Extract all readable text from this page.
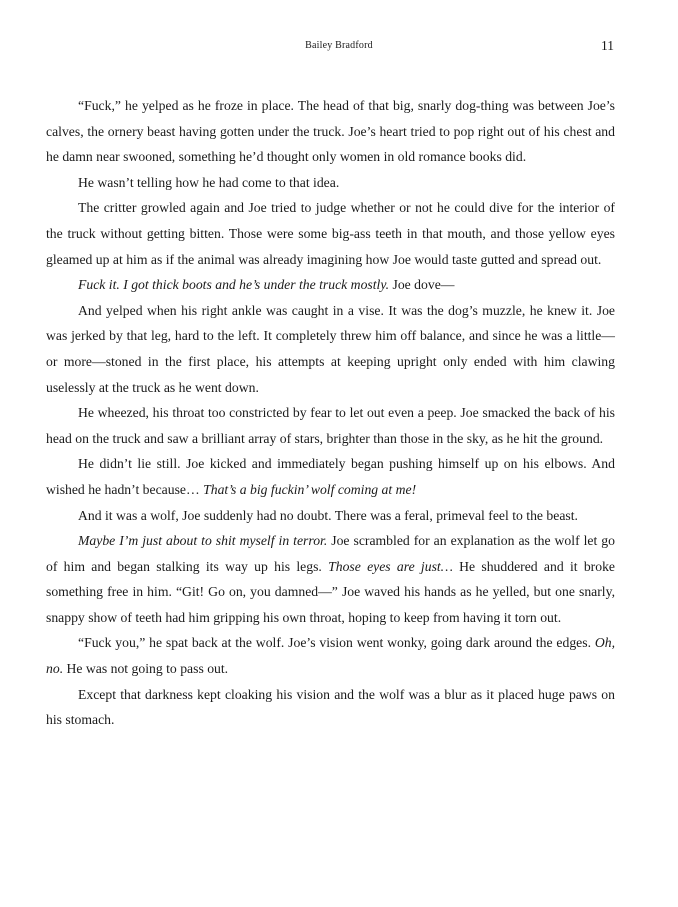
Bailey Bradford	11

“Fuck,” he yelped as he froze in place. The head of that big, snarly dog-thing was between Joe’s calves, the ornery beast having gotten under the truck. Joe’s heart tried to pop right out of his chest and he damn near swooned, something he’d thought only women in old romance books did.

He wasn’t telling how he had come to that idea.

The critter growled again and Joe tried to judge whether or not he could dive for the interior of the truck without getting bitten. Those were some big-ass teeth in that mouth, and those yellow eyes gleamed up at him as if the animal was already imagining how Joe would taste gutted and spread out.

Fuck it. I got thick boots and he’s under the truck mostly. Joe dove—

And yelped when his right ankle was caught in a vise. It was the dog’s muzzle, he knew it. Joe was jerked by that leg, hard to the left. It completely threw him off balance, and since he was a little—or more—stoned in the first place, his attempts at keeping upright only ended with him clawing uselessly at the truck as he went down.

He wheezed, his throat too constricted by fear to let out even a peep. Joe smacked the back of his head on the truck and saw a brilliant array of stars, brighter than those in the sky, as he hit the ground.

He didn’t lie still. Joe kicked and immediately began pushing himself up on his elbows. And wished he hadn’t because… That’s a big fuckin’ wolf coming at me!

And it was a wolf, Joe suddenly had no doubt. There was a feral, primeval feel to the beast.

Maybe I’m just about to shit myself in terror. Joe scrambled for an explanation as the wolf let go of him and began stalking its way up his legs. Those eyes are just… He shuddered and it broke something free in him. “Git! Go on, you damned—” Joe waved his hands as he yelled, but one snarly, snappy show of teeth had him gripping his own throat, hoping to keep from having it torn out.

“Fuck you,” he spat back at the wolf. Joe’s vision went wonky, going dark around the edges. Oh, no. He was not going to pass out.

Except that darkness kept cloaking his vision and the wolf was a blur as it placed huge paws on his stomach.
